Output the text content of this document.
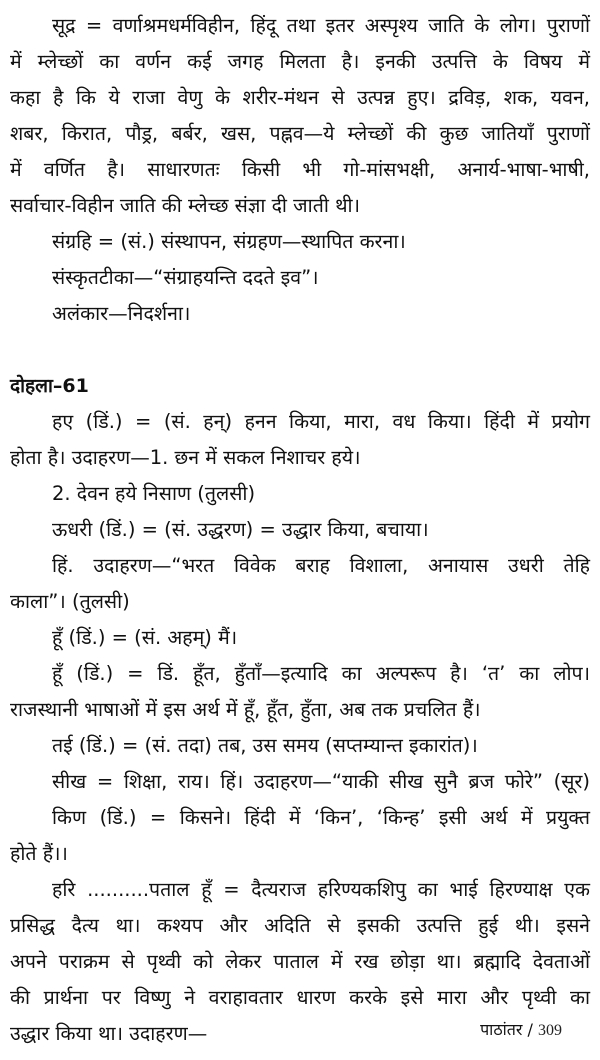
सूद्र = वर्णाश्रमधर्मविहीन, हिंदू तथा इतर अस्पृश्य जाति के लोग। पुराणों
में म्लेच्छों का वर्णन कई जगह मिलता है। इनकी उत्पत्ति के विषय में
कहा है कि ये राजा वेणु के शरीर-मंथन से उत्पन्न हुए। द्रविड़, शक, यवन,
शबर, किरात, पौड्र, बर्बर, खस, पह्नव—ये म्लेच्छों की कुछ जातियाँ पुराणों
में वर्णित है। साधारणतः किसी भी गो-मांसभक्षी, अनार्य-भाषा-भाषी,
सर्वाचार-विहीन जाति की म्लेच्छ संज्ञा दी जाती थी।
संग्रहि = (सं.) संस्थापन, संग्रहण—स्थापित करना।
संस्कृतटीका—“संग्राहयन्ति ददते इव”।
अलंकार—निदर्शना।
दोहला–61
हए (डिं.) = (सं. हन्) हनन किया, मारा, वध किया। हिंदी में प्रयोग
होता है। उदाहरण—1. छन में सकल निशाचर हये।
2. देवन हये निसाण (तुलसी)
ऊधरी (डिं.) = (सं. उद्धरण) = उद्धार किया, बचाया।
हिं. उदाहरण—“भरत विवेक बराह विशाला, अनायास उधरी तेहि
काला”। (तुलसी)
हूँ (डिं.) = (सं. अहम्) मैं।
हूँ (डिं.) = डिं. हूँत, हुँताँ—इत्यादि का अल्परूप है। ‘त’ का लोप।
राजस्थानी भाषाओं में इस अर्थ में हूँ, हूँत, हुँता, अब तक प्रचलित हैं।
तई (डिं.) = (सं. तदा) तब, उस समय (सप्तम्यान्त इकारांत)।
सीख = शिक्षा, राय। हिं। उदाहरण—“याकी सीख सुनै ब्रज फोरे” (सूर)
किण (डिं.) = किसने। हिंदी में ‘किन’, ‘किन्ह’ इसी अर्थ में प्रयुक्त
होते हैं।।
हरि ..........पताल हूँ = दैत्यराज हरिण्यकशिपु का भाई हिरण्याक्ष एक
प्रसिद्ध दैत्य था। कश्यप और अदिति से इसकी उत्पत्ति हुई थी। इसने
अपने पराक्रम से पृथ्वी को लेकर पाताल में रख छोड़ा था। ब्रह्मादि देवताओं
की प्रार्थना पर विष्णु ने वराहावतार धारण करके इसे मारा और पृथ्वी का
उद्धार किया था। उदाहरण—	पाठांतर / 309
